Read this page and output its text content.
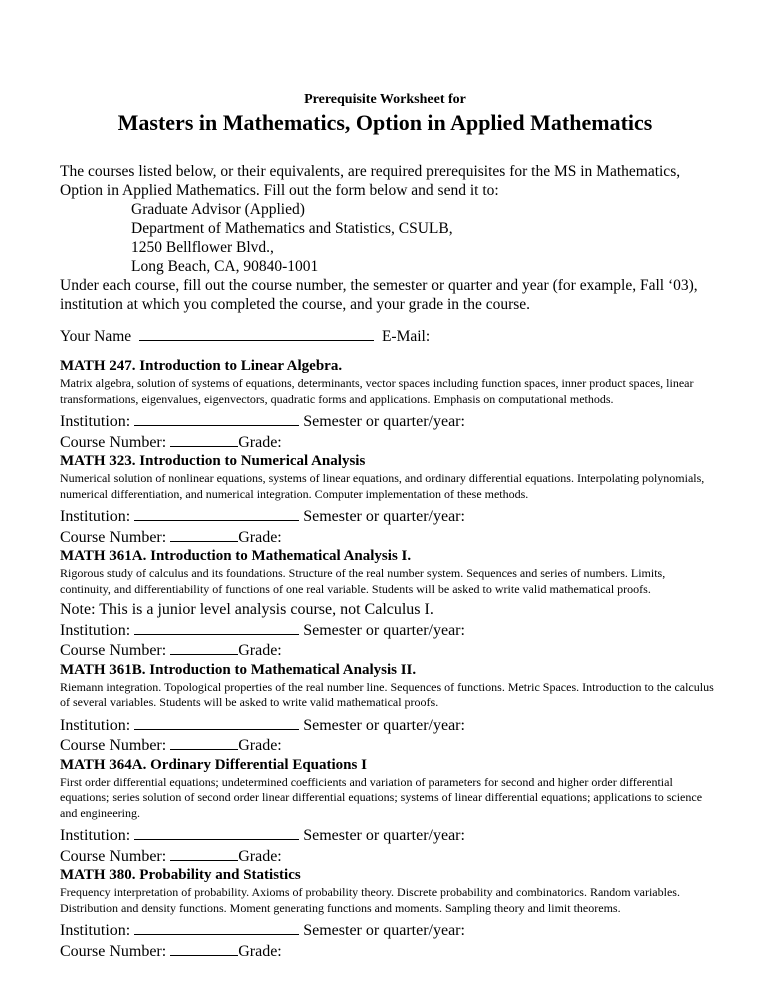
Prerequisite Worksheet for
Masters in Mathematics, Option in Applied Mathematics

The courses listed below, or their equivalents, are required prerequisites for the MS in Mathematics, Option in Applied Mathematics. Fill out the form below and send it to:

Graduate Advisor (Applied)
Department of Mathematics and Statistics, CSULB,
1250 Bellflower Blvd.,
Long Beach, CA, 90840-1001

Under each course, fill out the course number, the semester or quarter and year (for example, Fall ‘03), institution at which you completed the course, and your grade in the course.

Your Name	E-Mail:

MATH 247. Introduction to Linear Algebra.

Matrix algebra, solution of systems of equations, determinants, vector spaces including function spaces, inner product spaces, linear transformations, eigenvalues, eigenvectors, quadratic forms and applications. Emphasis on computational methods.

Institution:	Semester or quarter/year:

Course Number:	Grade:

MATH 323. Introduction to Numerical Analysis

Numerical solution of nonlinear equations, systems of linear equations, and ordinary differential equations. Interpolating polynomials, numerical differentiation, and numerical integration. Computer implementation of these methods.

Institution:	Semester or quarter/year:

Course Number:	Grade:

MATH 361A. Introduction to Mathematical Analysis I.

Rigorous study of calculus and its foundations. Structure of the real number system. Sequences and series of numbers. Limits, continuity, and differentiability of functions of one real variable. Students will be asked to write valid mathematical proofs.

Note: This is a junior level analysis course, not Calculus I.

Institution:	Semester or quarter/year:

Course Number:	Grade:

MATH 361B. Introduction to Mathematical Analysis II.

Riemann integration. Topological properties of the real number line. Sequences of functions. Metric Spaces. Introduction to the calculus of several variables. Students will be asked to write valid mathematical proofs.

Institution:	Semester or quarter/year:

Course Number:	Grade:

MATH 364A. Ordinary Differential Equations I

First order differential equations; undetermined coefficients and variation of parameters for second and higher order differential equations; series solution of second order linear differential equations; systems of linear differential equations; applications to science and engineering.

Institution:	Semester or quarter/year:

Course Number:	Grade:

MATH 380. Probability and Statistics

Frequency interpretation of probability. Axioms of probability theory. Discrete probability and combinatorics. Random variables. Distribution and density functions. Moment generating functions and moments. Sampling theory and limit theorems.

Institution:	Semester or quarter/year:

Course Number:	Grade:
